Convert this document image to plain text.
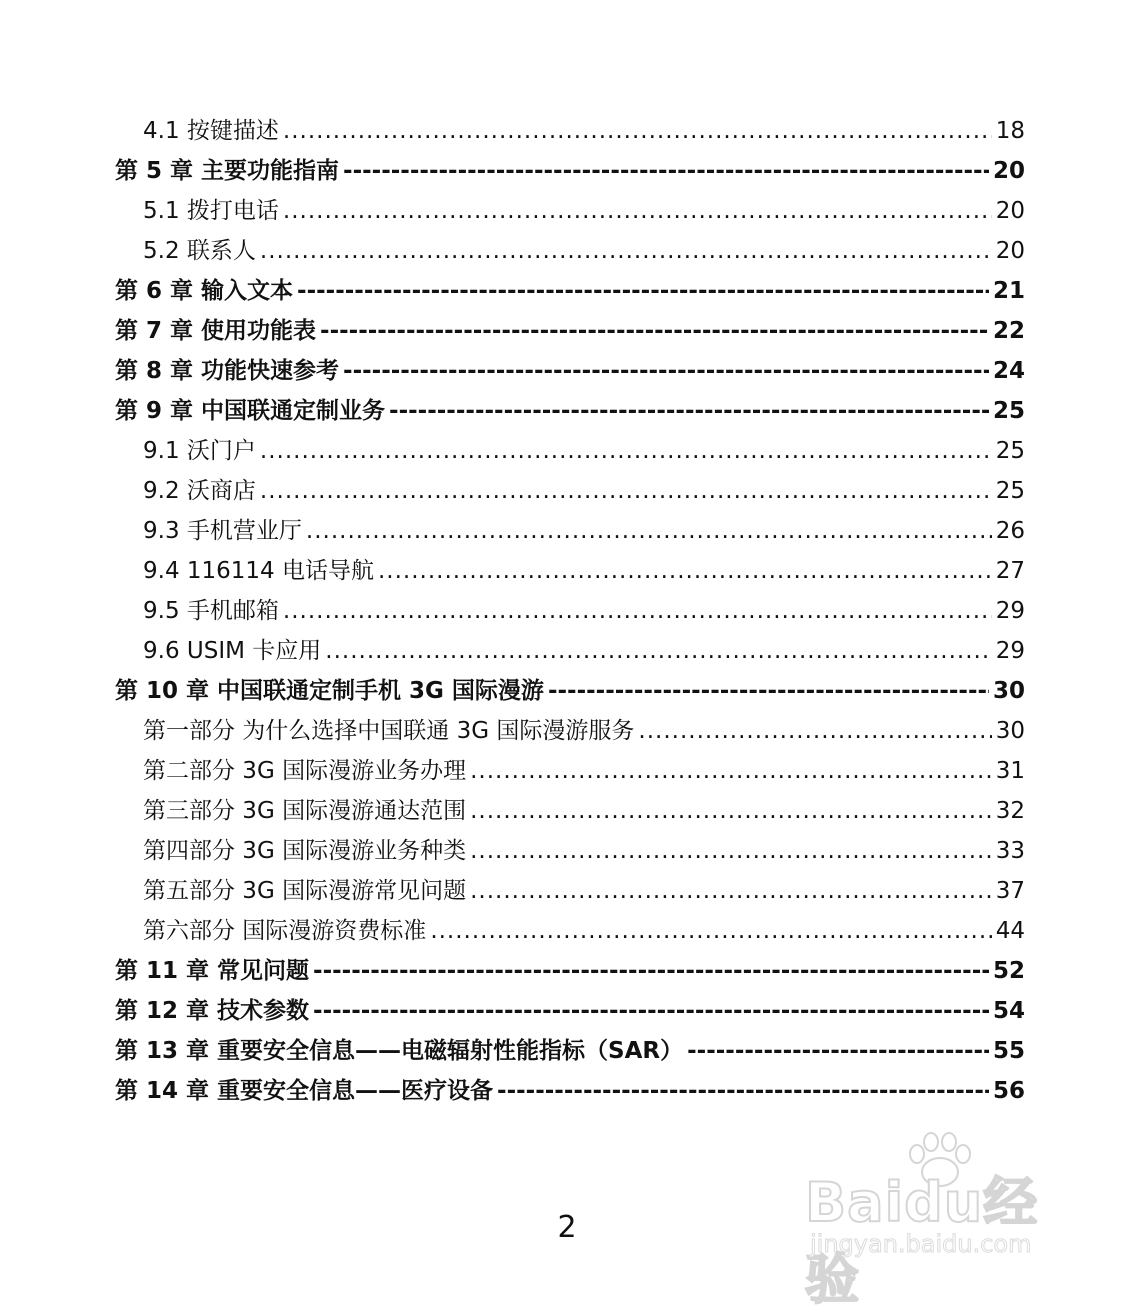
4.1 按键描述 .....	18
第 5 章 主要功能指南 -----	20
5.1 拨打电话 .....	20
5.2 联系人 .....	20
第 6 章 输入文本 -----	21
第 7 章 使用功能表 -----	22
第 8 章 功能快速参考 -----	24
第 9 章 中国联通定制业务 -----	25
9.1 沃门户 .....	25
9.2 沃商店 .....	25
9.3 手机营业厅 .....	26
9.4 116114 电话导航 .....	27
9.5 手机邮箱 .....	29
9.6 USIM 卡应用 .....	29
第 10 章 中国联通定制手机 3G 国际漫游 -----	30
第一部分 为什么选择中国联通 3G 国际漫游服务 .....	30
第二部分 3G 国际漫游业务办理 .....	31
第三部分 3G 国际漫游通达范围 .....	32
第四部分 3G 国际漫游业务种类 .....	33
第五部分 3G 国际漫游常见问题 .....	37
第六部分 国际漫游资费标准 .....	44
第 11 章 常见问题 -----	52
第 12 章 技术参数 -----	54
第 13 章 重要安全信息——电磁辐射性能指标（SAR） -----	55
第 14 章 重要安全信息——医疗设备 -----	56
2	Baidu经验
jingyan.baidu.com
